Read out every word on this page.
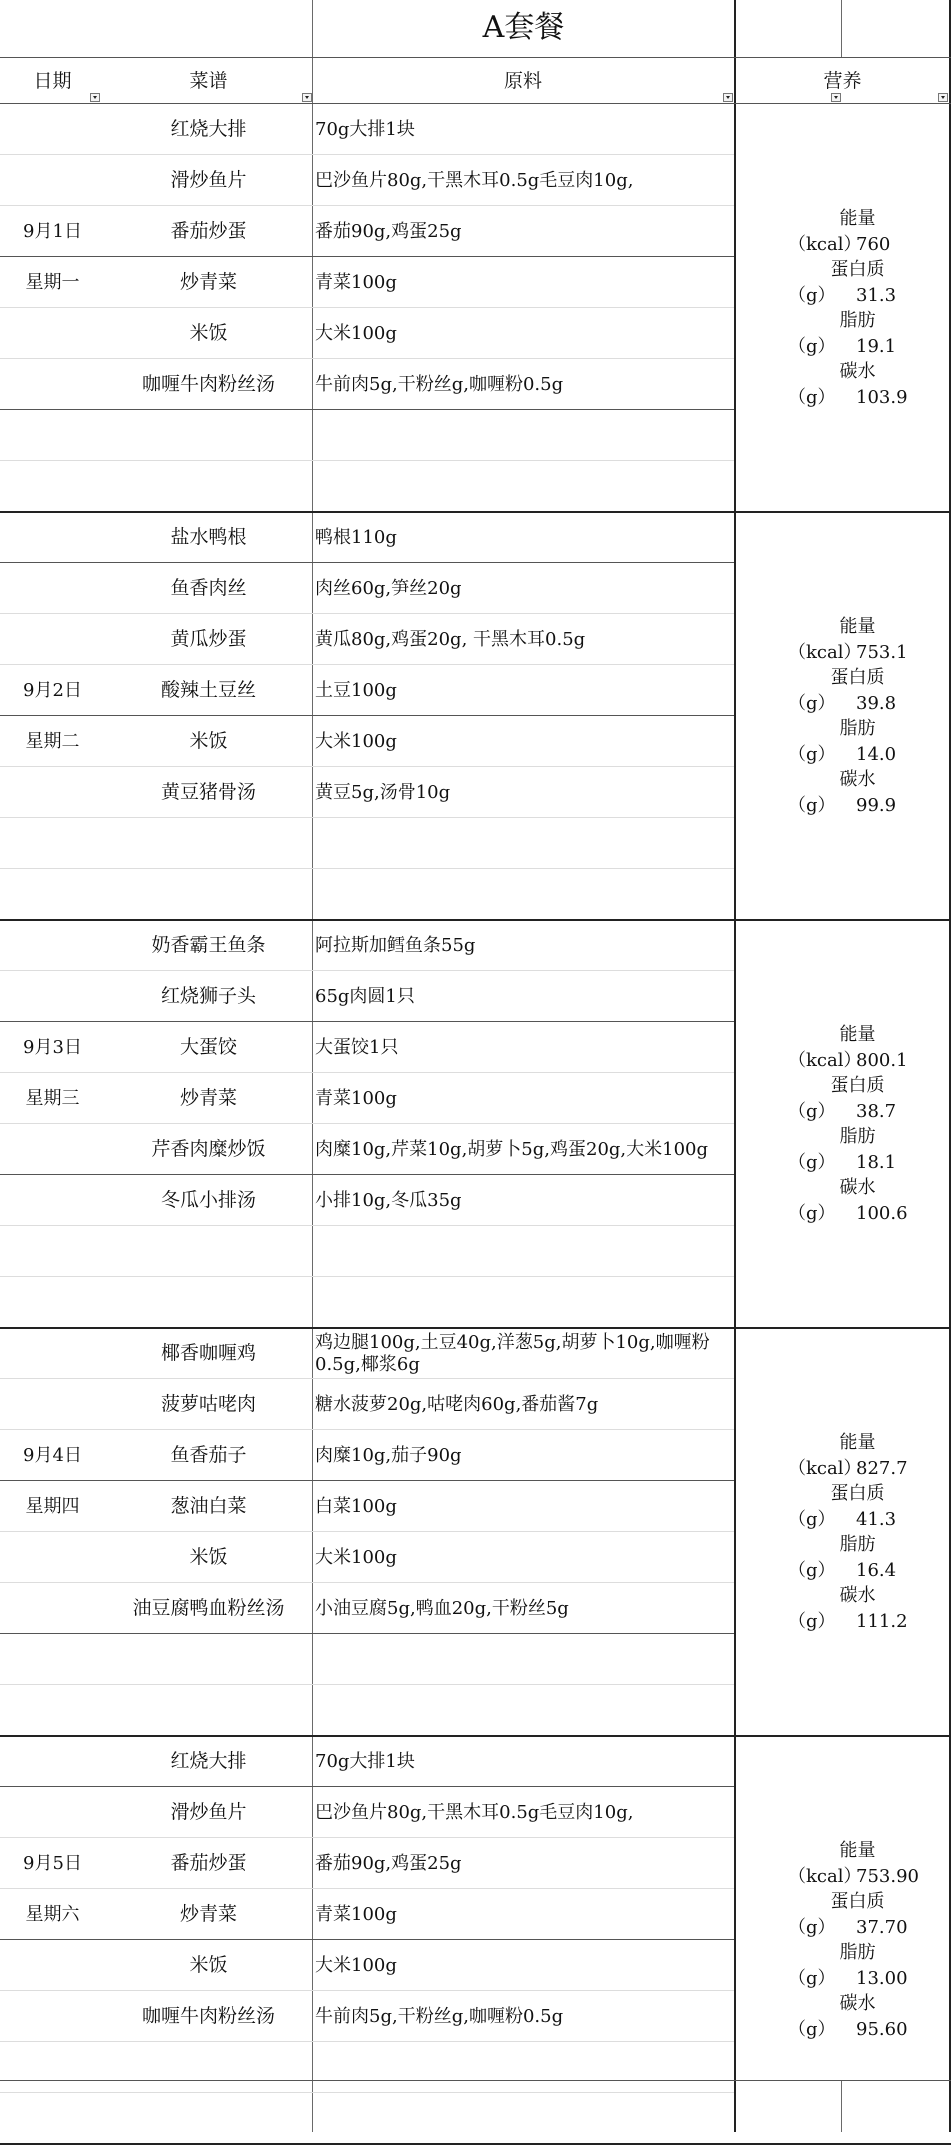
A套餐
日期	菜谱	原料	营养
9月1日
星期一
红烧大排	70g大排1块
滑炒鱼片	巴沙鱼片80g,干黑木耳0.5g毛豆肉10g,
番茄炒蛋	番茄90g,鸡蛋25g
炒青菜	青菜100g
米饭	大米100g
咖喱牛肉粉丝汤	牛前肉5g,干粉丝g,咖喱粉0.5g
能量
（kcal）760
蛋白质
（g） 31.3
脂肪
（g） 19.1
碳水
（g） 103.9
9月2日
星期二
盐水鸭根	鸭根110g
鱼香肉丝	肉丝60g,笋丝20g
黄瓜炒蛋	黄瓜80g,鸡蛋20g, 干黑木耳0.5g
酸辣土豆丝	土豆100g
米饭	大米100g
黄豆猪骨汤	黄豆5g,汤骨10g
能量
（kcal）753.1
蛋白质
（g） 39.8
脂肪
（g） 14.0
碳水
（g） 99.9
9月3日
星期三
奶香霸王鱼条	阿拉斯加鳕鱼条55g
红烧狮子头	65g肉圆1只
大蛋饺	大蛋饺1只
炒青菜	青菜100g
芹香肉糜炒饭	肉糜10g,芹菜10g,胡萝卜5g,鸡蛋20g,大米100g
冬瓜小排汤	小排10g,冬瓜35g
能量
（kcal）800.1
蛋白质
（g） 38.7
脂肪
（g） 18.1
碳水
（g） 100.6
9月4日
星期四
椰香咖喱鸡	鸡边腿100g,土豆40g,洋葱5g,胡萝卜10g,咖喱粉0.5g,椰浆6g
菠萝咕咾肉	糖水菠萝20g,咕咾肉60g,番茄酱7g
鱼香茄子	肉糜10g,茄子90g
葱油白菜	白菜100g
米饭	大米100g
油豆腐鸭血粉丝汤	小油豆腐5g,鸭血20g,干粉丝5g
能量
（kcal）827.7
蛋白质
（g） 41.3
脂肪
（g） 16.4
碳水
（g） 111.2
9月5日
星期六
红烧大排	70g大排1块
滑炒鱼片	巴沙鱼片80g,干黑木耳0.5g毛豆肉10g,
番茄炒蛋	番茄90g,鸡蛋25g
炒青菜	青菜100g
米饭	大米100g
咖喱牛肉粉丝汤	牛前肉5g,干粉丝g,咖喱粉0.5g
能量
（kcal）753.90
蛋白质
（g） 37.70
脂肪
（g） 13.00
碳水
（g） 95.60
